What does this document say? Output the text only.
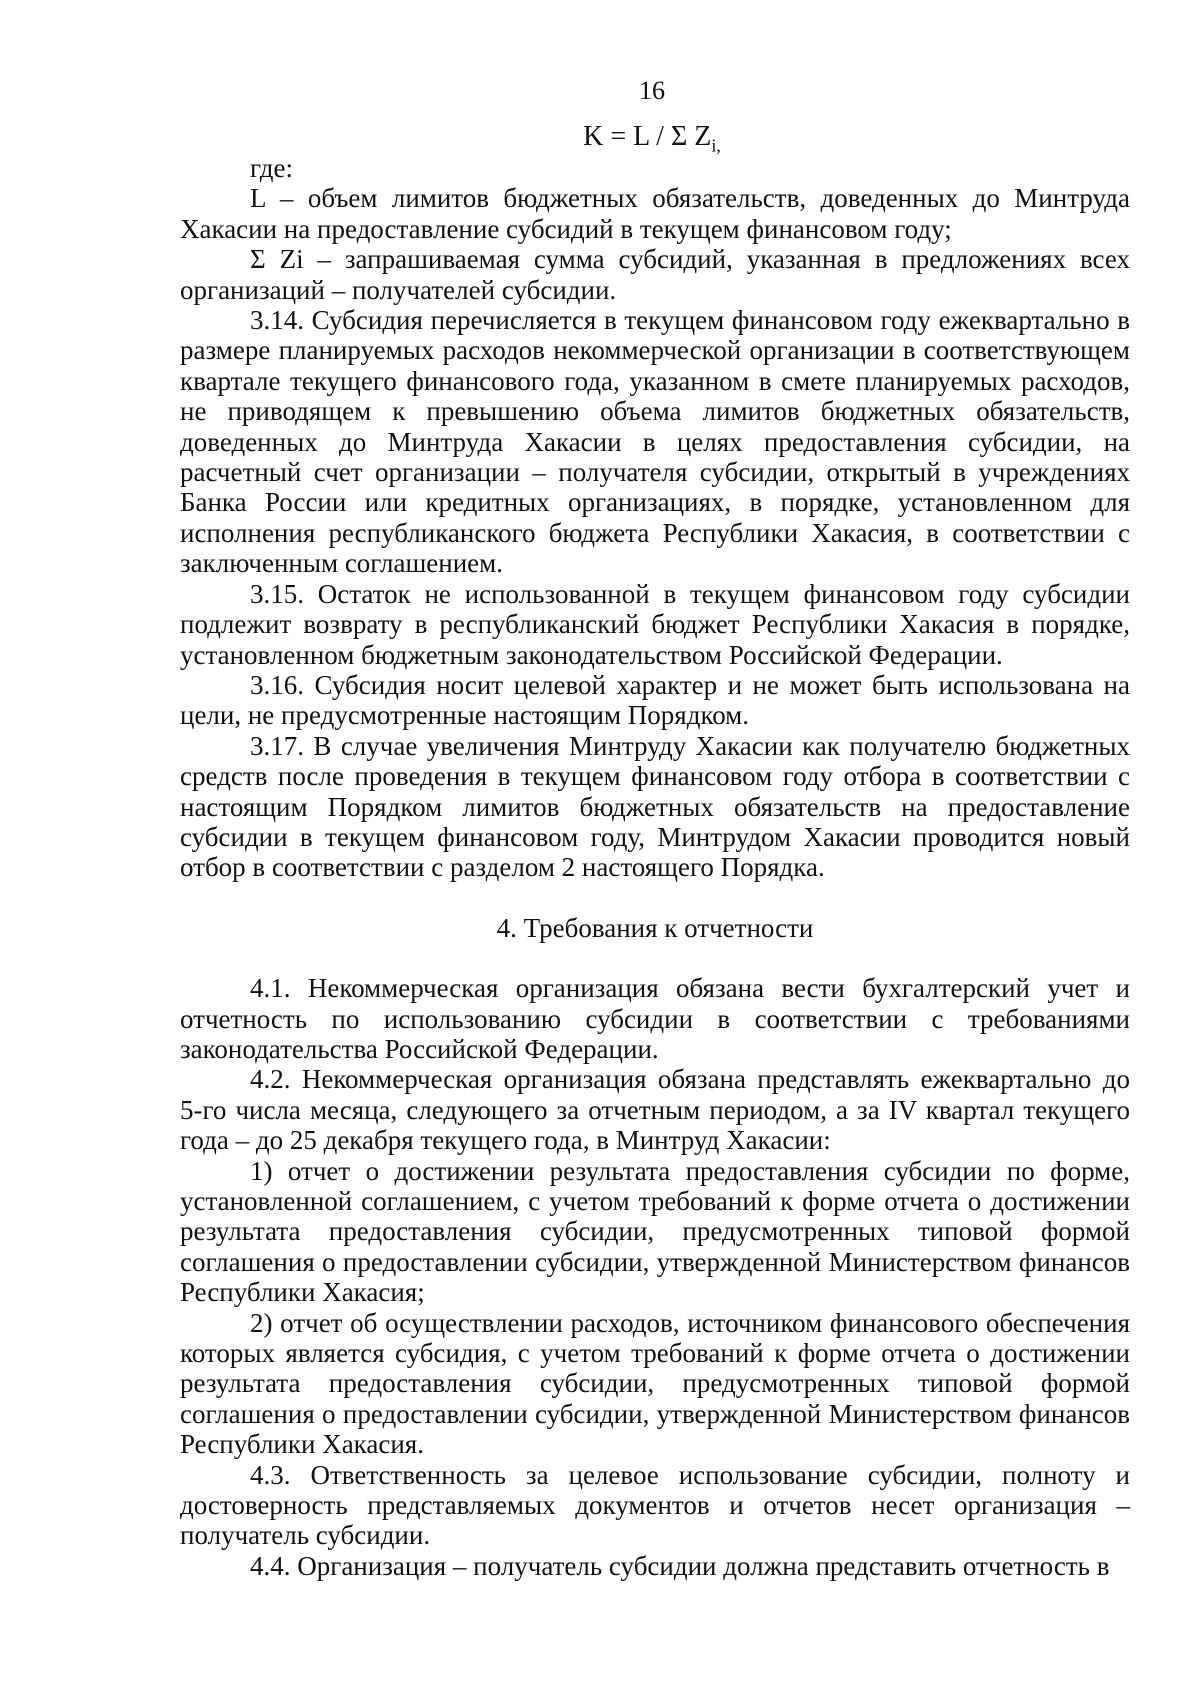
16
K = L / Σ $Z_{i,}$

где:

L – объем лимитов бюджетных обязательств, доведенных до Минтруда Хакасии на предоставление субсидий в текущем финансовом году;

Σ Zi – запрашиваемая сумма субсидий, указанная в предложениях всех организаций – получателей субсидии.

3.14. Субсидия перечисляется в текущем финансовом году ежеквартально в размере планируемых расходов некоммерческой организации в соответствующем квартале текущего финансового года, указанном в смете планируемых расходов, не приводящем к превышению объема лимитов бюджетных обязательств, доведенных до Минтруда Хакасии в целях предоставления субсидии, на расчетный счет организации – получателя субсидии, открытый в учреждениях Банка России или кредитных организациях, в порядке, установленном для исполнения республиканского бюджета Республики Хакасия, в соответствии с заключенным соглашением.

3.15. Остаток не использованной в текущем финансовом году субсидии подлежит возврату в республиканский бюджет Республики Хакасия в порядке, установленном бюджетным законодательством Российской Федерации.

3.16. Субсидия носит целевой характер и не может быть использована на цели, не предусмотренные настоящим Порядком.

3.17. В случае увеличения Минтруду Хакасии как получателю бюджетных средств после проведения в текущем финансовом году отбора в соответствии с настоящим Порядком лимитов бюджетных обязательств на предоставление субсидии в текущем финансовом году, Минтрудом Хакасии проводится новый отбор в соответствии с разделом 2 настоящего Порядка.

4. Требования к отчетности

4.1. Некоммерческая организация обязана вести бухгалтерский учет и отчетность по использованию субсидии в соответствии с требованиями законодательства Российской Федерации.

4.2. Некоммерческая организация обязана представлять ежеквартально до 5-го числа месяца, следующего за отчетным периодом, а за IV квартал текущего года – до 25 декабря текущего года, в Минтруд Хакасии:

1) отчет о достижении результата предоставления субсидии по форме, установленной соглашением, с учетом требований к форме отчета о достижении результата предоставления субсидии, предусмотренных типовой формой соглашения о предоставлении субсидии, утвержденной Министерством финансов Республики Хакасия;

2) отчет об осуществлении расходов, источником финансового обеспечения которых является субсидия, с учетом требований к форме отчета о достижении результата предоставления субсидии, предусмотренных типовой формой соглашения о предоставлении субсидии, утвержденной Министерством финансов Республики Хакасия.

4.3. Ответственность за целевое использование субсидии, полноту и достоверность представляемых документов и отчетов несет организация – получатель субсидии.

4.4. Организация – получатель субсидии должна представить отчетность в
